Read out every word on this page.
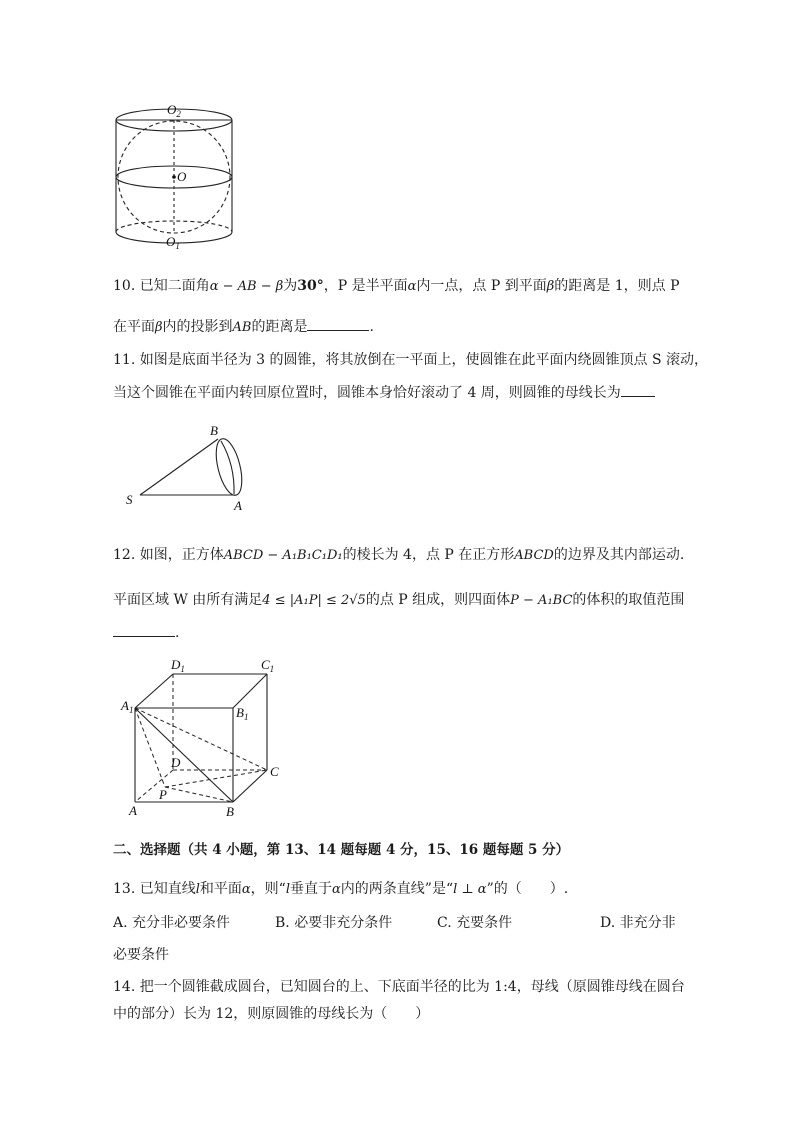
$O_2$
O
$O_1$
10. 已知二面角α − AB − β为30°，P 是半平面α内一点，点 P 到平面β的距离是 1，则点 P
在平面β内的投影到AB的距离是	.
11. 如图是底面半径为 3 的圆锥，将其放倒在一平面上，使圆锥在此平面内绕圆锥顶点 S 滚动，
当这个圆锥在平面内转回原位置时，圆锥本身恰好滚动了 4 周，则圆锥的母线长为
B
S	A
12. 如图，正方体ABCD − A₁B₁C₁D₁的棱长为 4，点 P 在正方形ABCD的边界及其内部运动.
平面区域 W 由所有满足4 ≤ |A₁P| ≤ 2√5的点 P 组成，则四面体P − A₁BC的体积的取值范围
.
$D_1$	$C_1$
$A_1$	$B_1$
D
C
P
A	B
二、选择题（共 4 小题，第 13、14 题每题 4 分，15、16 题每题 5 分）
13. 已知直线l和平面α，则“l垂直于α内的两条直线”是“l ⊥ α”的（　　）.
A. 充分非必要条件	B. 必要非充分条件	C. 充要条件	D. 非充分非
必要条件
14. 把一个圆锥截成圆台，已知圆台的上、下底面半径的比为 1:4，母线（原圆锥母线在圆台
中的部分）长为 12，则原圆锥的母线长为（　　）
